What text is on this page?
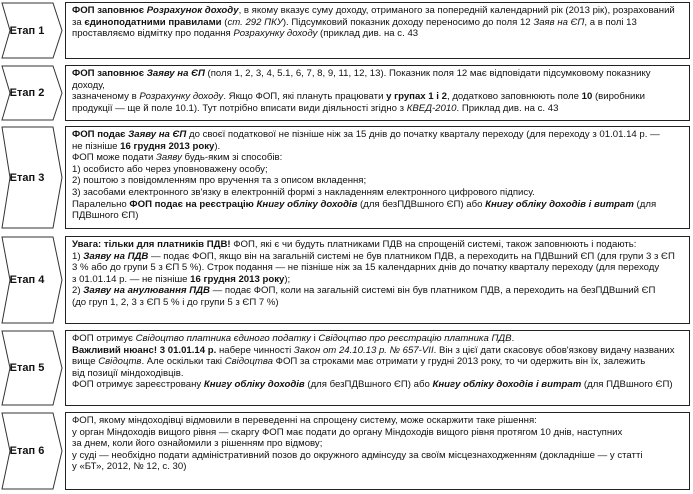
Етап 1

ФОП заповнює Розрахунок доходу, в якому вказує суму доходу, отриманого за попередній календарний рік (2013 рік), розрахований

за єдиноподатними правилами (ст. 292 ПКУ). Підсумковий показник доходу переносимо до поля 12 Заяв на ЄП, а в полі 13

проставляємо відмітку про подання Розрахунку доходу (приклад див. на с. 43

Етап 2

ФОП заповнює Заяву на ЄП (поля 1, 2, 3, 4, 5.1, 6, 7, 8, 9, 11, 12, 13). Показник поля 12 має відповідати підсумковому показнику доходу,

зазначеному в Розрахунку доходу. Якщо ФОП, які плануть працювати у групах 1 і 2, додатково заповнюють поле 10 (виробники

продукції — ще й поле 10.1). Тут потрібно вписати види діяльності згідно з КВЕД-2010. Приклад див. на с. 43

Етап 3

ФОП подає Заяву на ЄП до своєї податкової не пізніше ніж за 15 днів до початку кварталу переходу (для переходу з 01.01.14 р. —

не пізніше 16 грудня 2013 року).

ФОП може подати Заяву будь-яким зі способів:

1) особисто або через уповноважену особу;

2) поштою з повідомленням про вручення та з описом вкладення;

3) засобами електронного зв'язку в електронній формі з накладенням електронного цифрового підпису.

Паралельно ФОП подає на реєстрацію Книгу обліку доходів (для безПДВшного ЄП) або Книгу обліку доходів і витрат (для ПДВшного ЄП)

Етап 4

Увага: тільки для платників ПДВ! ФОП, які є чи будуть платниками ПДВ на спрощеній системі, також заповнюють і подають:

1) Заяву на ПДВ — подає ФОП, якщо він на загальній системі не був платником ПДВ, а переходить на ПДВшний ЄП (для групи 3 з ЄП

3 % або до групи 5 з ЄП 5 %). Строк подання — не пізніше ніж за 15 календарних днів до початку кварталу переходу (для переходу

з 01.01.14 р. — не пізніше 16 грудня 2013 року);

2) Заяву на анулювання ПДВ — подає ФОП, коли на загальній системі він був платником ПДВ, а переходить на безПДВшний ЄП

(до груп 1, 2, 3 з ЄП 5 % і до групи 5 з ЄП 7 %)

Етап 5

ФОП отримує Свідоцтво платника єдиного податку і Свідоцтво про реєстрацію платника ПДВ.

Важливий нюанс! 3 01.01.14 р. набере чинності Закон от 24.10.13 р. № 657-VII. Він з цієї дати скасовує обов'язкову видачу названих

вище Свідоцтв. Але оскільки такі Свідоцтва ФОП за строками має отримати у грудні 2013 року, то чи одержить він їх, залежить

від позиції міндоходівців.

ФОП отримує зареєстровану Книгу обліку доходів (для безПДВшного ЄП) або Книгу обліку доходів і витрат (для ПДВшного ЄП)

Етап 6

ФОП, якому міндоходівці відмовили в переведенні на спрощену систему, може оскаржити таке рішення:

у орган Міндоходів вищого рівня — скаргу ФОП має подати до органу Міндоходів вищого рівня протягом 10 днів, наступних

за днем, коли його ознайомили з рішенням про відмову;

у суді — необхідно подати адміністративний позов до окружного адмінсуду за своїм місцезнаходженням (докладніше — у статті

у «БТ», 2012, № 12, с. 30)
